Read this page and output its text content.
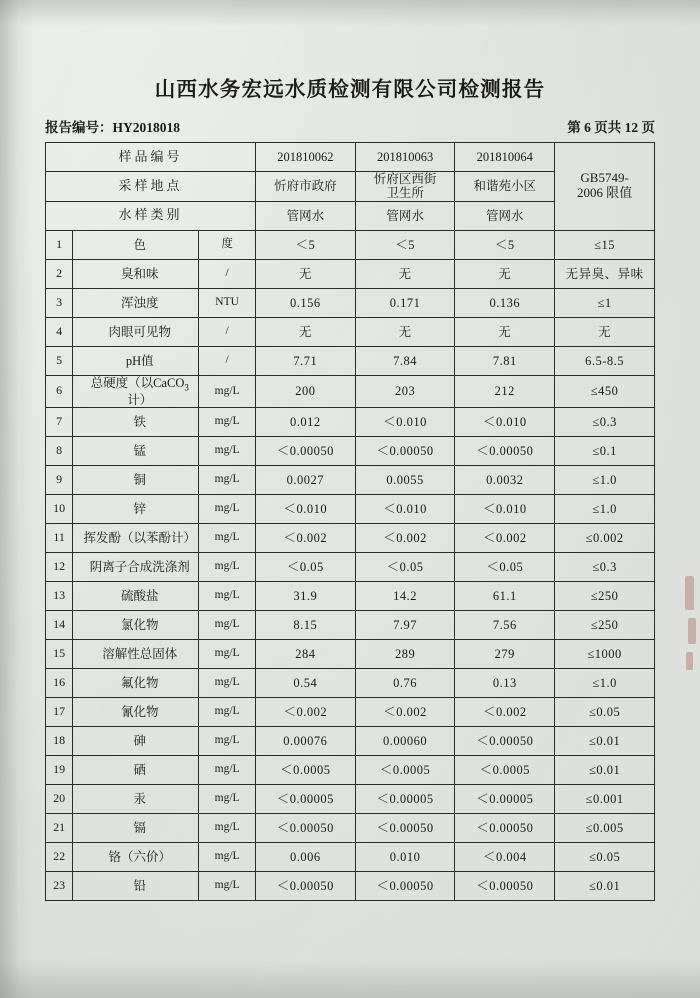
山西水务宏远水质检测有限公司检测报告
报告编号：HY2018018	第 6 页共 12 页
样品编号			201810062	201810063	201810064	GB5749-
2006 限值
采样地点			忻府市政府	忻府区西街
卫生所	和谐苑小区	
水样类别			管网水	管网水	管网水	
1	色	度	＜5	＜5	＜5	≤15
2	臭和味	/	无	无	无	无异臭、异味
3	浑浊度	NTU	0.156	0.171	0.136	≤1
4	肉眼可见物	/	无	无	无	无
5	pH值	/	7.71	7.84	7.81	6.5-8.5
6	总硬度（以CaCO$_3$计）	mg/L	200	203	212	≤450
7	铁	mg/L	0.012	＜0.010	＜0.010	≤0.3
8	锰	mg/L	＜0.00050	＜0.00050	＜0.00050	≤0.1
9	铜	mg/L	0.0027	0.0055	0.0032	≤1.0
10	锌	mg/L	＜0.010	＜0.010	＜0.010	≤1.0
11	挥发酚（以苯酚计）	mg/L	＜0.002	＜0.002	＜0.002	≤0.002
12	阴离子合成洗涤剂	mg/L	＜0.05	＜0.05	＜0.05	≤0.3
13	硫酸盐	mg/L	31.9	14.2	61.1	≤250
14	氯化物	mg/L	8.15	7.97	7.56	≤250
15	溶解性总固体	mg/L	284	289	279	≤1000
16	氟化物	mg/L	0.54	0.76	0.13	≤1.0
17	氰化物	mg/L	＜0.002	＜0.002	＜0.002	≤0.05
18	砷	mg/L	0.00076	0.00060	＜0.00050	≤0.01
19	硒	mg/L	＜0.0005	＜0.0005	＜0.0005	≤0.01
20	汞	mg/L	＜0.00005	＜0.00005	＜0.00005	≤0.001
21	镉	mg/L	＜0.00050	＜0.00050	＜0.00050	≤0.005
22	铬（六价）	mg/L	0.006	0.010	＜0.004	≤0.05
23	铅	mg/L	＜0.00050	＜0.00050	＜0.00050	≤0.01
